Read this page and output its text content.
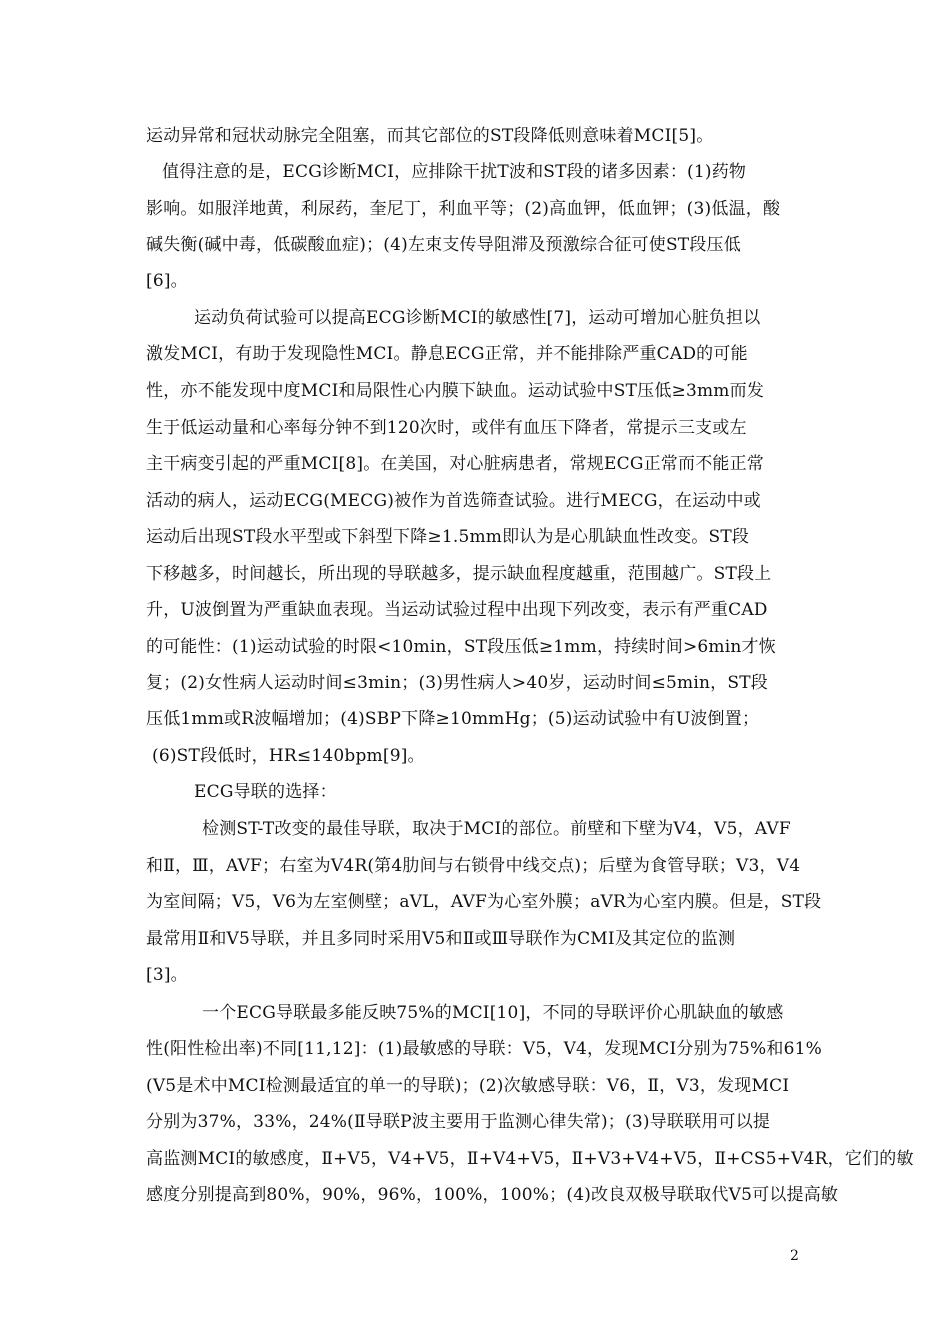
运动异常和冠状动脉完全阻塞，而其它部位的ST段降低则意味着MCI[5]。
值得注意的是，ECG诊断MCI，应排除干扰T波和ST段的诸多因素：(1)药物
影响。如服洋地黄，利尿药，奎尼丁，利血平等；(2)高血钾，低血钾；(3)低温，酸
碱失衡(碱中毒，低碳酸血症)；(4)左束支传导阻滞及预激综合征可使ST段压低
[6]。
运动负荷试验可以提高ECG诊断MCI的敏感性[7]，运动可增加心脏负担以
激发MCI，有助于发现隐性MCI。静息ECG正常，并不能排除严重CAD的可能
性，亦不能发现中度MCI和局限性心内膜下缺血。运动试验中ST压低≥3mm而发
生于低运动量和心率每分钟不到120次时，或伴有血压下降者，常提示三支或左
主干病变引起的严重MCI[8]。在美国，对心脏病患者，常规ECG正常而不能正常
活动的病人，运动ECG(MECG)被作为首选筛查试验。进行MECG，在运动中或
运动后出现ST段水平型或下斜型下降≥1.5mm即认为是心肌缺血性改变。ST段
下移越多，时间越长，所出现的导联越多，提示缺血程度越重，范围越广。ST段上
升，U波倒置为严重缺血表现。当运动试验过程中出现下列改变，表示有严重CAD
的可能性：(1)运动试验的时限<10min，ST段压低≥1mm，持续时间>6min才恢
复；(2)女性病人运动时间≤3min；(3)男性病人>40岁，运动时间≤5min，ST段
压低1mm或R波幅增加；(4)SBP下降≥10mmHg；(5)运动试验中有U波倒置；
(6)ST段低时，HR≤140bpm[9]。
ECG导联的选择：
检测ST-T改变的最佳导联，取决于MCI的部位。前壁和下壁为V4，V5，AVF
和Ⅱ，Ⅲ，AVF；右室为V4R(第4肋间与右锁骨中线交点)；后壁为食管导联；V3，V4
为室间隔；V5，V6为左室侧壁；aVL，AVF为心室外膜；aVR为心室内膜。但是，ST段
最常用Ⅱ和V5导联，并且多同时采用V5和Ⅱ或Ⅲ导联作为CMI及其定位的监测
[3]。
一个ECG导联最多能反映75%的MCI[10]，不同的导联评价心肌缺血的敏感
性(阳性检出率)不同[11,12]：(1)最敏感的导联：V5，V4，发现MCI分别为75%和61%
(V5是术中MCI检测最适宜的单一的导联)；(2)次敏感导联：V6，Ⅱ，V3，发现MCI
分别为37%，33%，24%(Ⅱ导联P波主要用于监测心律失常)；(3)导联联用可以提
高监测MCI的敏感度，Ⅱ+V5，V4+V5，Ⅱ+V4+V5，Ⅱ+V3+V4+V5，Ⅱ+CS5+V4R，它们的敏
感度分别提高到80%，90%，96%，100%，100%；(4)改良双极导联取代V5可以提高敏
2
